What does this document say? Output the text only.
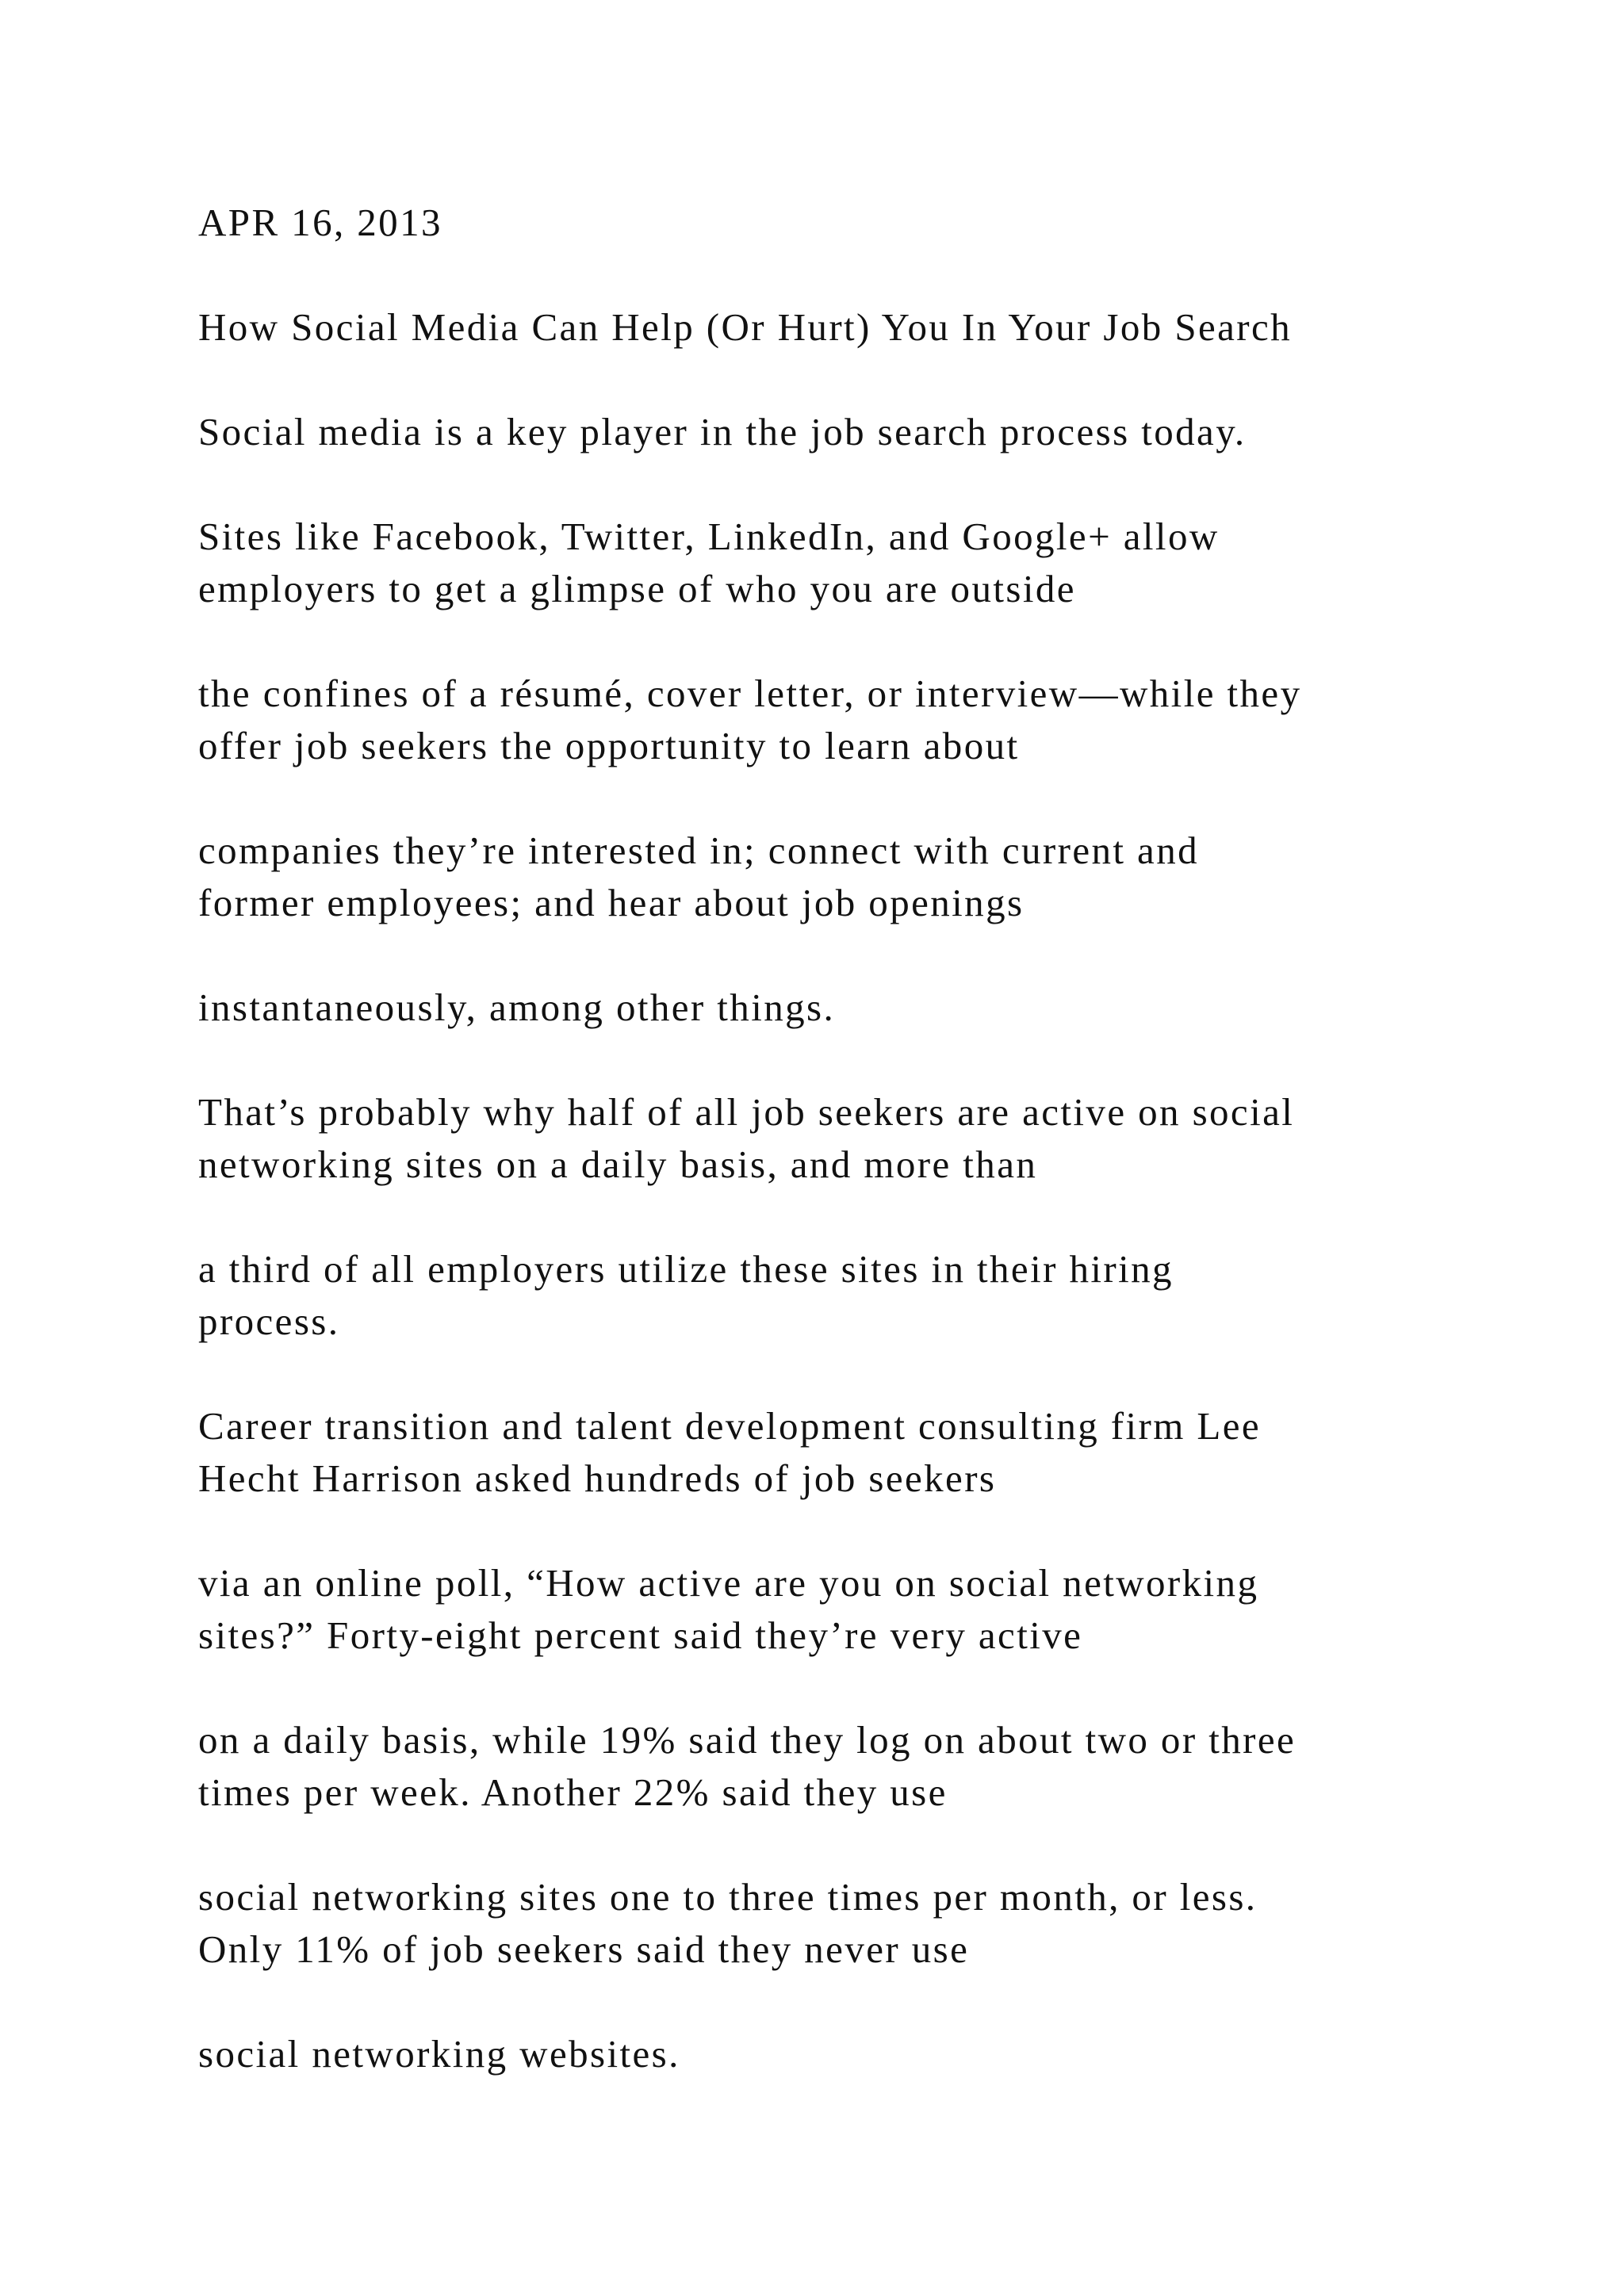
APR 16, 2013

How Social Media Can Help (Or Hurt) You In Your Job Search

Social media is a key player in the job search process today.

Sites like Facebook, Twitter, LinkedIn, and Google+ allow

employers to get a glimpse of who you are outside

the confines of a résumé, cover letter, or interview—while they

offer job seekers the opportunity to learn about

companies they’re interested in; connect with current and

former employees; and hear about job openings

instantaneously, among other things.

That’s probably why half of all job seekers are active on social

networking sites on a daily basis, and more than

a third of all employers utilize these sites in their hiring

process.

Career transition and talent development consulting firm Lee

Hecht Harrison asked hundreds of job seekers

via an online poll, “How active are you on social networking

sites?” Forty-eight percent said they’re very active

on a daily basis, while 19% said they log on about two or three

times per week. Another 22% said they use

social networking sites one to three times per month, or less.

Only 11% of job seekers said they never use

social networking websites.
